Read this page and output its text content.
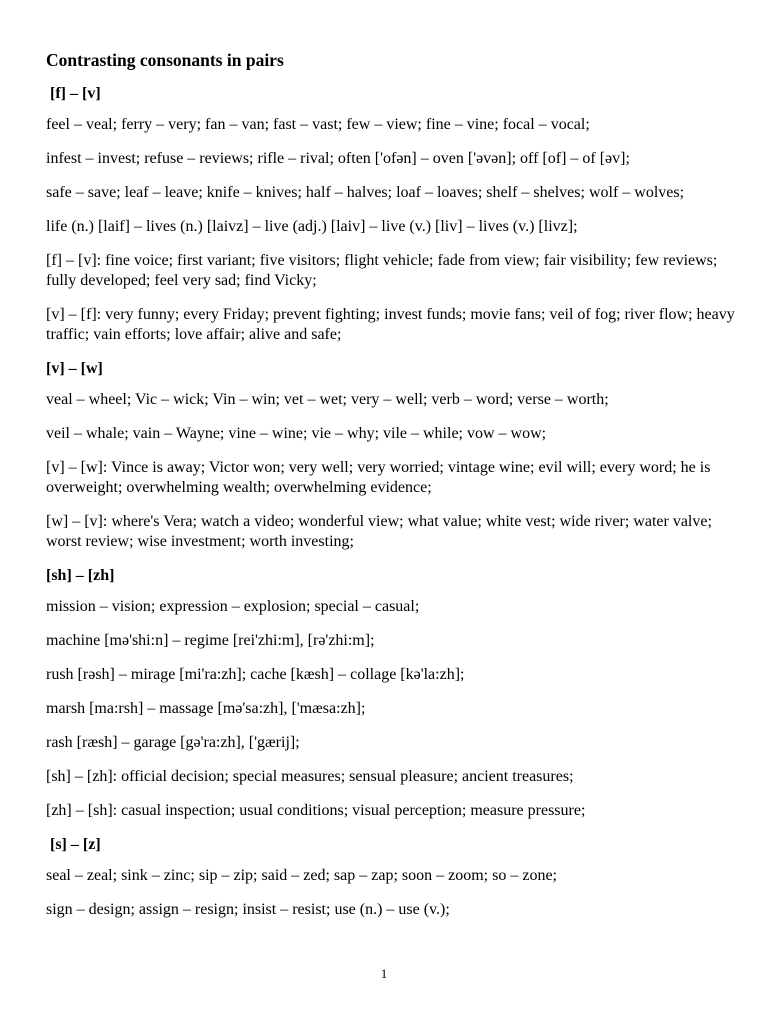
Contrasting consonants in pairs
[f] – [v]
feel – veal; ferry – very; fan – van; fast – vast; few – view; fine – vine; focal – vocal;
infest – invest; refuse – reviews; rifle – rival; often ['ofən] – oven ['əvən]; off [of] – of [əv];
safe – save; leaf – leave; knife – knives; half – halves; loaf – loaves; shelf – shelves; wolf – wolves;
life (n.) [laif] – lives (n.) [laivz] – live (adj.) [laiv] – live (v.) [liv] – lives (v.) [livz];
[f] – [v]: fine voice; first variant; five visitors; flight vehicle; fade from view; fair visibility; few reviews; fully developed; feel very sad; find Vicky;
[v] – [f]: very funny; every Friday; prevent fighting; invest funds; movie fans; veil of fog; river flow; heavy traffic; vain efforts; love affair; alive and safe;
[v] – [w]
veal – wheel; Vic – wick; Vin – win; vet – wet; very – well; verb – word; verse – worth;
veil – whale; vain – Wayne; vine – wine; vie – why; vile – while; vow – wow;
[v] – [w]: Vince is away; Victor won; very well; very worried; vintage wine; evil will; every word; he is overweight; overwhelming wealth; overwhelming evidence;
[w] – [v]: where's Vera; watch a video; wonderful view; what value; white vest; wide river; water valve; worst review; wise investment; worth investing;
[sh] – [zh]
mission – vision; expression – explosion; special – casual;
machine [mə'shi:n] – regime [rei'zhi:m], [rə'zhi:m];
rush [rəsh] – mirage [mi'ra:zh]; cache [kæsh] – collage [kə'la:zh];
marsh [ma:rsh] – massage [mə'sa:zh], ['mæsa:zh];
rash [ræsh] – garage [gə'ra:zh], ['gærij];
[sh] – [zh]: official decision; special measures; sensual pleasure; ancient treasures;
[zh] – [sh]: casual inspection; usual conditions; visual perception; measure pressure;
[s] – [z]
seal – zeal; sink – zinc; sip – zip; said – zed; sap – zap; soon – zoom; so – zone;
sign – design; assign – resign; insist – resist; use (n.) – use (v.);
1
